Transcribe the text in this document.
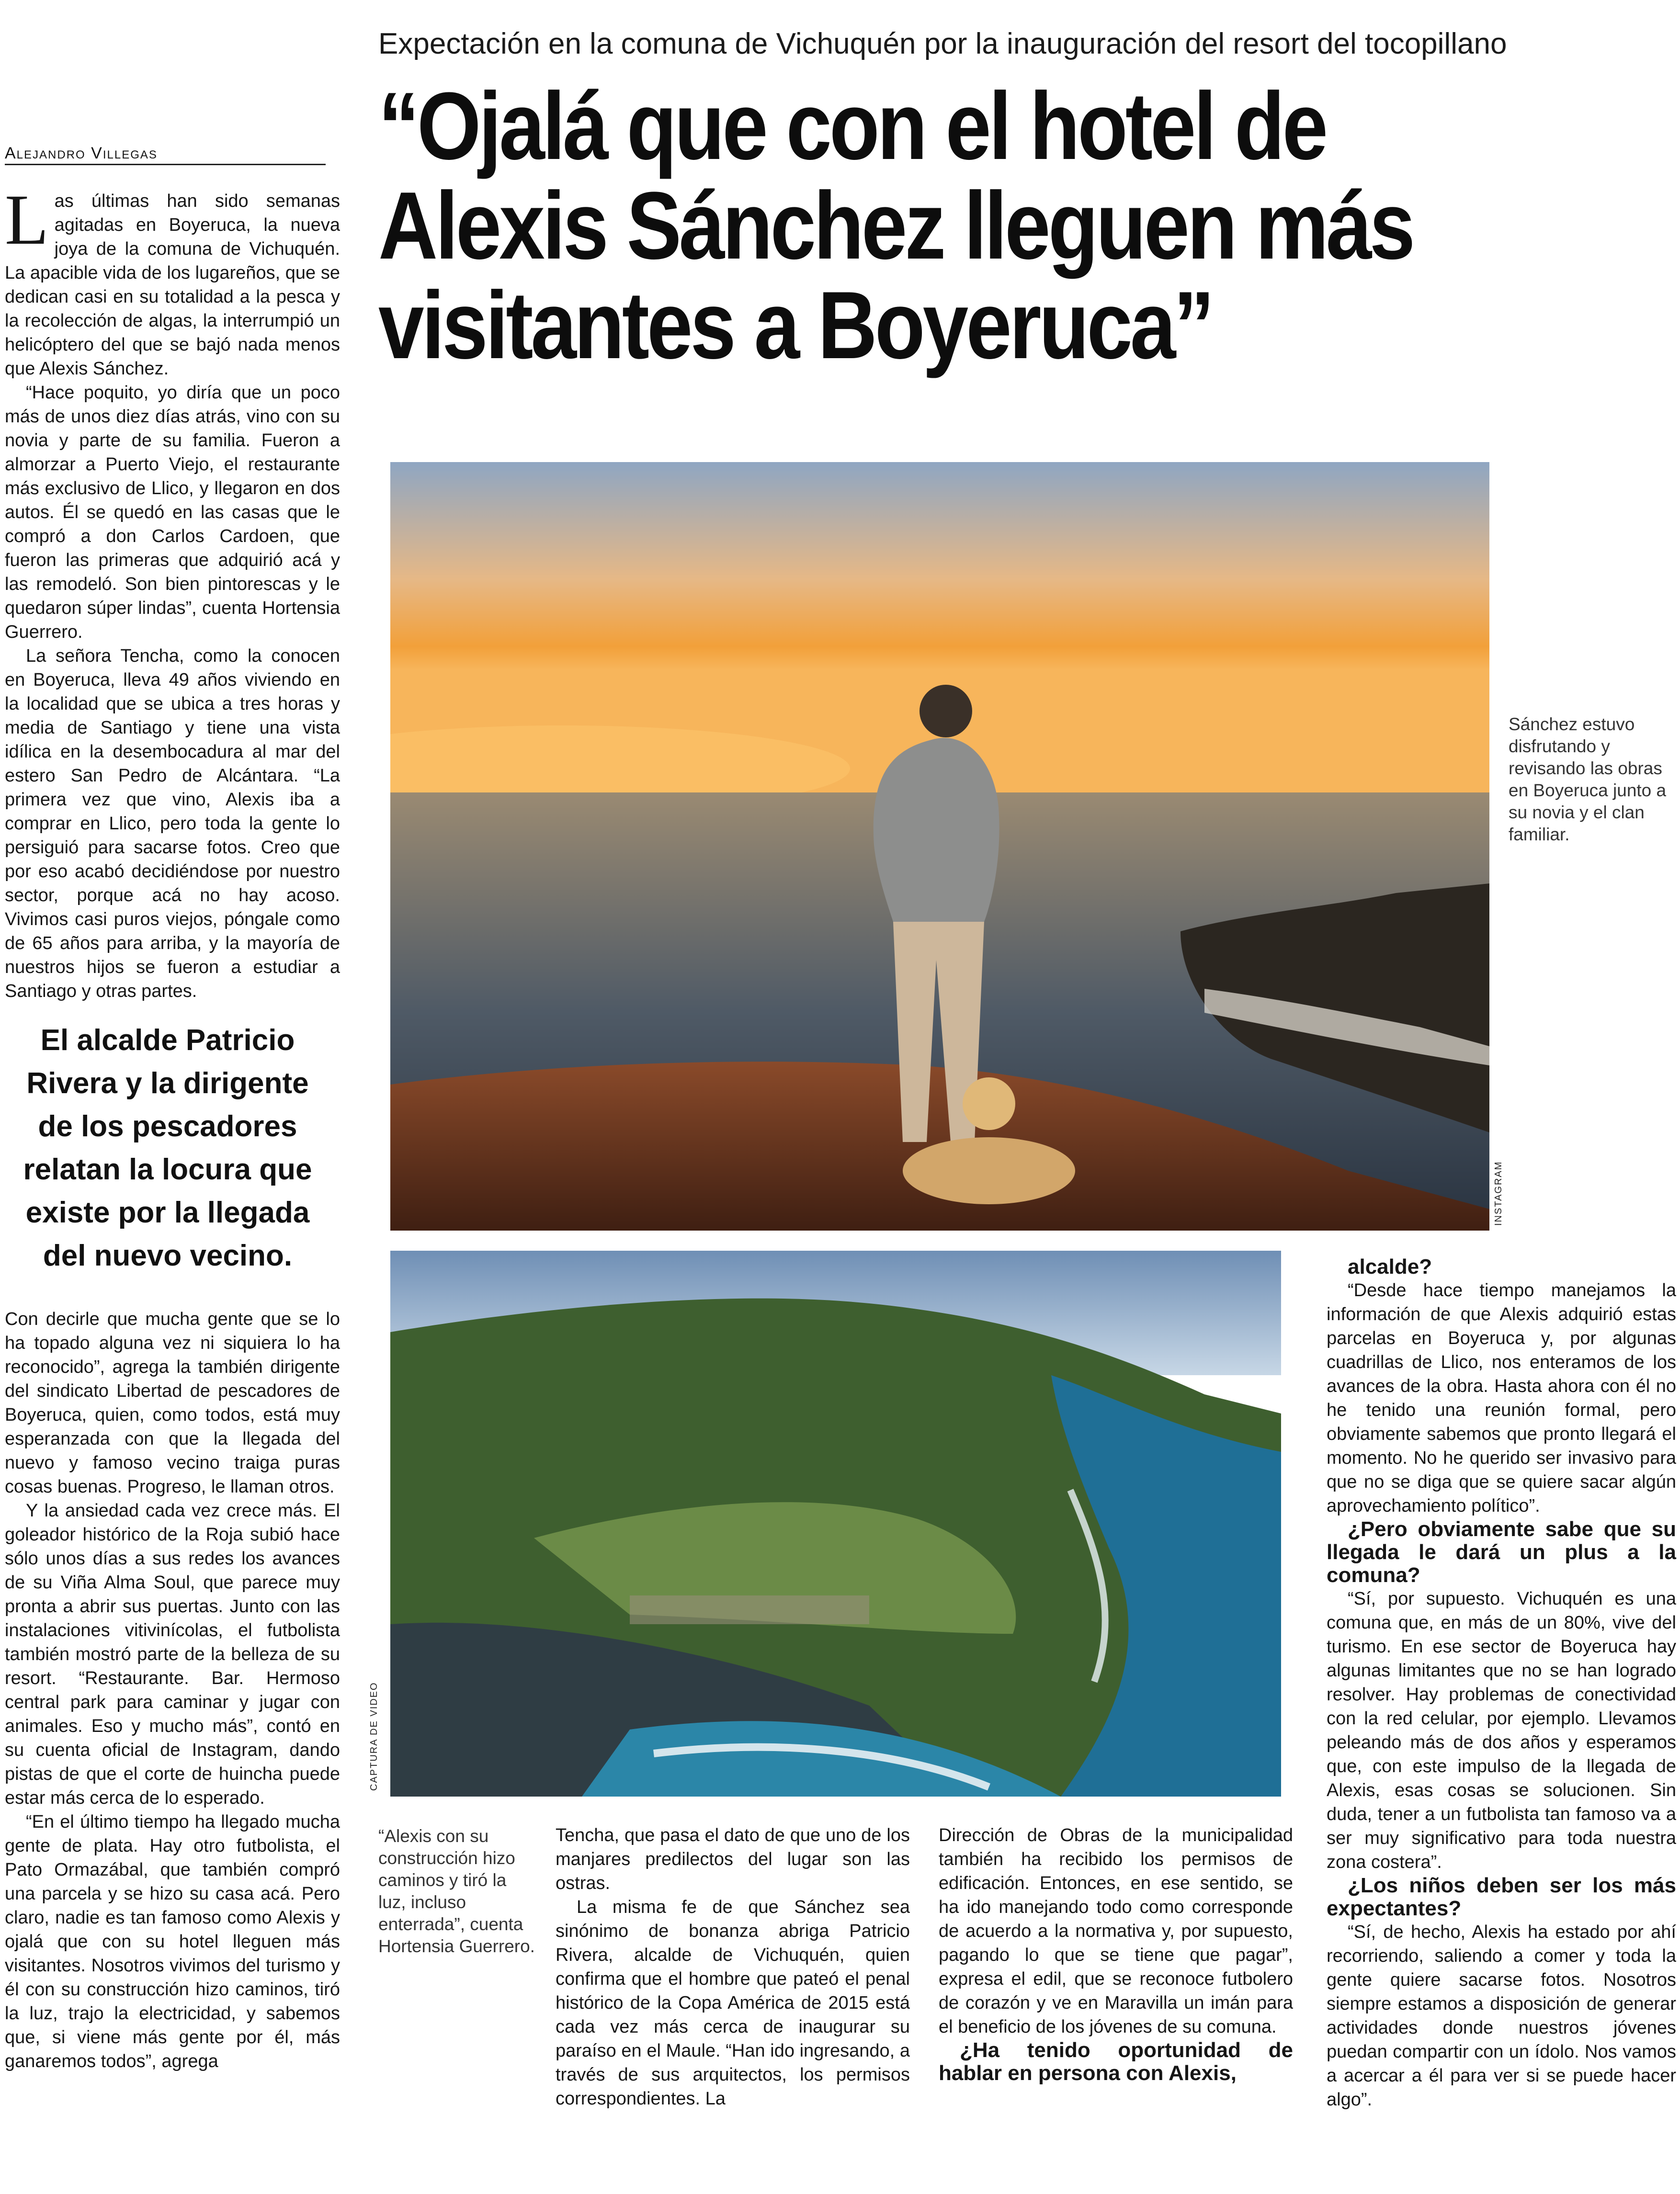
Expectación en la comuna de Vichuquén por la inauguración del resort del tocopillano
“Ojalá que con el hotel de Alexis Sánchez lleguen más visitantes a Boyeruca”
Alejandro Villegas

Las últimas han sido semanas agitadas en Boyeruca, la nueva joya de la comuna de Vichuquén. La apacible vida de los lugareños, que se dedican casi en su totalidad a la pesca y la recolección de algas, la interrumpió un helicóptero del que se bajó nada menos que Alexis Sánchez.

“Hace poquito, yo diría que un poco más de unos diez días atrás, vino con su novia y parte de su familia. Fueron a almorzar a Puerto Viejo, el restaurante más exclusivo de Llico, y llegaron en dos autos. Él se quedó en las casas que le compró a don Carlos Cardoen, que fueron las primeras que adquirió acá y las remodeló. Son bien pintorescas y le quedaron súper lindas”, cuenta Hortensia Guerrero.

La señora Tencha, como la conocen en Boyeruca, lleva 49 años viviendo en la localidad que se ubica a tres horas y media de Santiago y tiene una vista idílica en la desembocadura al mar del estero San Pedro de Alcántara. “La primera vez que vino, Alexis iba a comprar en Llico, pero toda la gente lo persiguió para sacarse fotos. Creo que por eso acabó decidiéndose por nuestro sector, porque acá no hay acoso. Vivimos casi puros viejos, póngale como de 65 años para arriba, y la mayoría de nuestros hijos se fueron a estudiar a Santiago y otras partes.

El alcalde Patricio Rivera y la dirigente de los pescadores relatan la locura que existe por la llegada del nuevo vecino.

Con decirle que mucha gente que se lo ha topado alguna vez ni siquiera lo ha reconocido”, agrega la también dirigente del sindicato Libertad de pescadores de Boyeruca, quien, como todos, está muy esperanzada con que la llegada del nuevo y famoso vecino traiga puras cosas buenas. Progreso, le llaman otros.

Y la ansiedad cada vez crece más. El goleador histórico de la Roja subió hace sólo unos días a sus redes los avances de su Viña Alma Soul, que parece muy pronta a abrir sus puertas. Junto con las instalaciones vitivinícolas, el futbolista también mostró parte de la belleza de su resort. “Restaurante. Bar. Hermoso central park para caminar y jugar con animales. Eso y mucho más”, contó en su cuenta oficial de Instagram, dando pistas de que el corte de huincha puede estar más cerca de lo esperado.

“En el último tiempo ha llegado mucha gente de plata. Hay otro futbolista, el Pato Ormazábal, que también compró una parcela y se hizo su casa acá. Pero claro, nadie es tan famoso como Alexis y ojalá que con su hotel lleguen más visitantes. Nosotros vivimos del turismo y él con su construcción hizo caminos, tiró la luz, trajo la electricidad, y sabemos que, si viene más gente por él, más ganaremos todos”, agrega

INSTAGRAM
Sánchez estuvo disfrutando y revisando las obras en Boyeruca junto a su novia y el clan familiar.
CAPTURA DE VIDEO
“Alexis con su construcción hizo caminos y tiró la luz, incluso enterrada”, cuenta Hortensia Guerrero.

Tencha, que pasa el dato de que uno de los manjares predilectos del lugar son las ostras.

La misma fe de que Sánchez sea sinónimo de bonanza abriga Patricio Rivera, alcalde de Vichuquén, quien confirma que el hombre que pateó el penal histórico de la Copa América de 2015 está cada vez más cerca de inaugurar su paraíso en el Maule. “Han ido ingresando, a través de sus arquitectos, los permisos correspondientes. La

Dirección de Obras de la municipalidad también ha recibido los permisos de edificación. Entonces, en ese sentido, se ha ido manejando todo como corresponde de acuerdo a la normativa y, por supuesto, pagando lo que se tiene que pagar”, expresa el edil, que se reconoce futbolero de corazón y ve en Maravilla un imán para el beneficio de los jóvenes de su comuna.

¿Ha tenido oportunidad de hablar en persona con Alexis,

alcalde?

“Desde hace tiempo manejamos la información de que Alexis adquirió estas parcelas en Boyeruca y, por algunas cuadrillas de Llico, nos enteramos de los avances de la obra. Hasta ahora con él no he tenido una reunión formal, pero obviamente sabemos que pronto llegará el momento. No he querido ser invasivo para que no se diga que se quiere sacar algún aprovechamiento político”.

¿Pero obviamente sabe que su llegada le dará un plus a la comuna?

“Sí, por supuesto. Vichuquén es una comuna que, en más de un 80%, vive del turismo. En ese sector de Boyeruca hay algunas limitantes que no se han logrado resolver. Hay problemas de conectividad con la red celular, por ejemplo. Llevamos peleando más de dos años y esperamos que, con este impulso de la llegada de Alexis, esas cosas se solucionen. Sin duda, tener a un futbolista tan famoso va a ser muy significativo para toda nuestra zona costera”.

¿Los niños deben ser los más expectantes?

“Sí, de hecho, Alexis ha estado por ahí recorriendo, saliendo a comer y toda la gente quiere sacarse fotos. Nosotros siempre estamos a disposición de generar actividades donde nuestros jóvenes puedan compartir con un ídolo. Nos vamos a acercar a él para ver si se puede hacer algo”.
